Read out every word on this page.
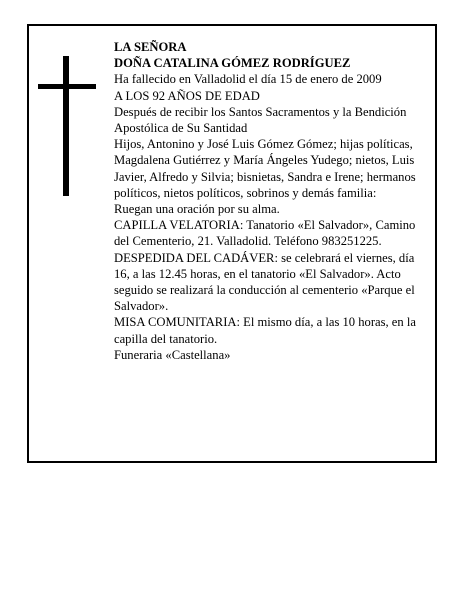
LA SEÑORA

DOÑA CATALINA GÓMEZ RODRÍGUEZ

Ha fallecido en Valladolid el día 15 de enero de 2009

A LOS 92 AÑOS DE EDAD

Después de recibir los Santos Sacramentos y la Bendición Apostólica de Su Santidad

Hijos, Antonino y José Luis Gómez Gómez; hijas políticas, Magdalena Gutiérrez y María Ángeles Yudego; nietos, Luis Javier, Alfredo y Silvia; bisnietas, Sandra e Irene; hermanos políticos, nietos políticos, sobrinos y demás familia:

Ruegan una oración por su alma.

CAPILLA VELATORIA: Tanatorio «El Salvador», Camino del Cementerio, 21. Valladolid. Teléfono 983251225.

DESPEDIDA DEL CADÁVER: se celebrará el viernes, día 16, a las 12.45 horas, en el tanatorio «El Salvador». Acto seguido se realizará la conducción al cementerio «Parque el Salvador».

MISA COMUNITARIA: El mismo día, a las 10 horas, en la capilla del tanatorio.

Funeraria «Castellana»
